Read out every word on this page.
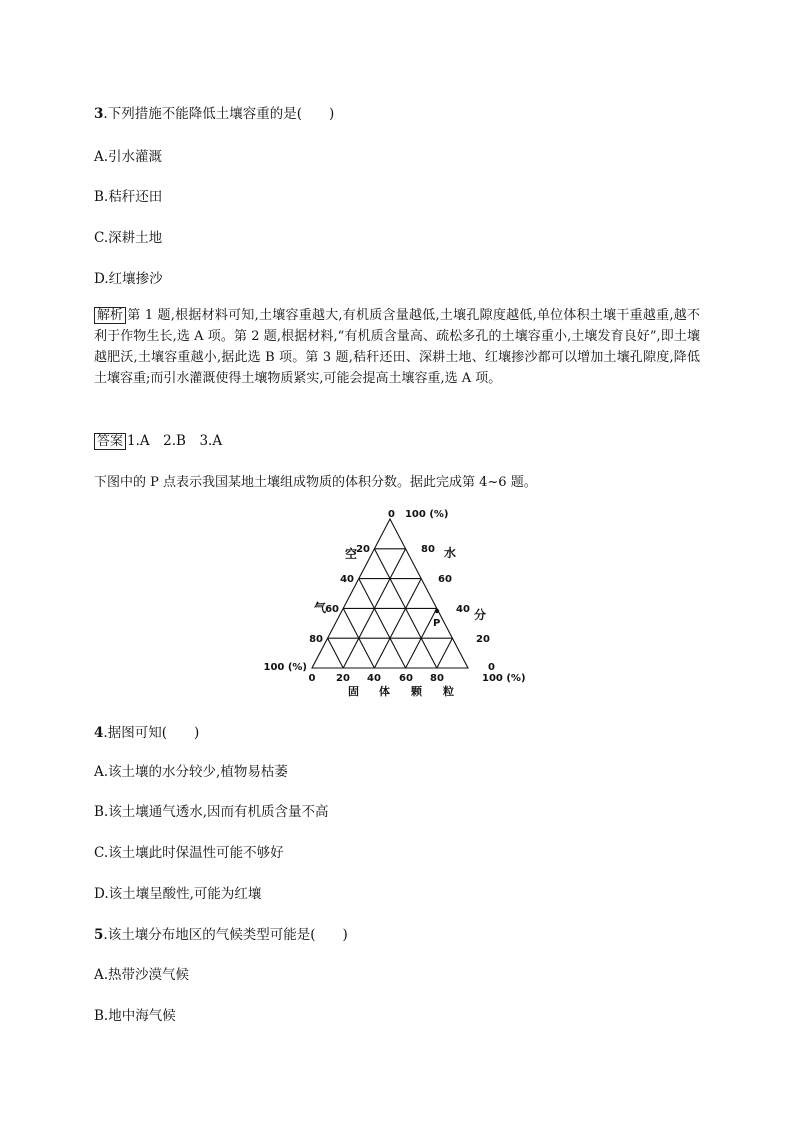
3.下列措施不能降低土壤容重的是(　　)
A.引水灌溉
B.秸秆还田
C.深耕土地
D.红壤掺沙
解析 第 1 题,根据材料可知,土壤容重越大,有机质含量越低,土壤孔隙度越低,单位体积土壤干重越重,越不利于作物生长,选 A 项。第 2 题,根据材料,“有机质含量高、疏松多孔的土壤容重小,土壤发育良好”,即土壤越肥沃,土壤容重越小,据此选 B 项。第 3 题,秸秆还田、深耕土地、红壤掺沙都可以增加土壤孔隙度,降低土壤容重;而引水灌溉使得土壤物质紧实,可能会提高土壤容重,选 A 项。
答案 1.A　2.B　3.A
下图中的 P 点表示我国某地土壤组成物质的体积分数。据此完成第 4~6 题。
0　100 (%)
空
气
水
分
20
40
60
80
80
60
40
20
0
100 (%)
0 20 40 60 80	100 (%)
固 体 颗 粒
P
4.据图可知(　　)
A.该土壤的水分较少,植物易枯萎
B.该土壤通气透水,因而有机质含量不高
C.该土壤此时保温性可能不够好
D.该土壤呈酸性,可能为红壤
5.该土壤分布地区的气候类型可能是(　　)
A.热带沙漠气候
B.地中海气候
